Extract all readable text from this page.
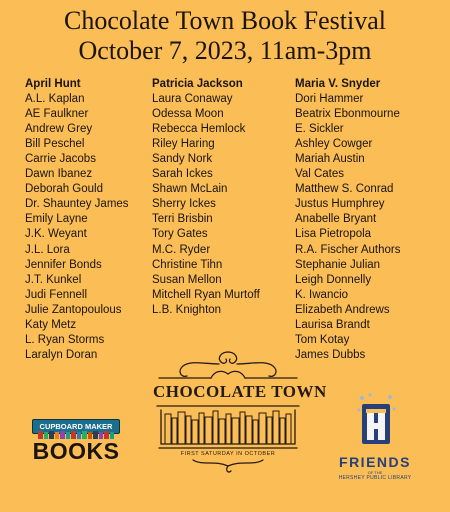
Chocolate Town Book Festival
October 7, 2023, 11am-3pm
April Hunt
A.L. Kaplan
AE Faulkner
Andrew Grey
Bill Peschel
Carrie Jacobs
Dawn Ibanez
Deborah Gould
Dr. Shauntey James
Emily Layne
J.K. Weyant
J.L. Lora
Jennifer Bonds
J.T. Kunkel
Judi Fennell
Julie Zantopoulous
Katy Metz
L. Ryan Storms
Laralyn Doran
Patricia Jackson
Laura Conaway
Odessa Moon
Rebecca Hemlock
Riley Haring
Sandy Nork
Sarah Ickes
Shawn McLain
Sherry Ickes
Terri Brisbin
Tory Gates
M.C. Ryder
Christine Tihn
Susan Mellon
Mitchell Ryan Murtoff
L.B. Knighton
Maria V. Snyder
Dori Hammer
Beatrix Ebonmourne
E. Sickler
Ashley Cowger
Mariah Austin
Val Cates
Matthew S. Conrad
Justus Humphrey
Anabelle Bryant
Lisa Pietropola
R.A. Fischer Authors
Stephanie Julian
Leigh Donnelly
K. Iwancio
Elizabeth Andrews
Laurisa Brandt
Tom Kotay
James Dubbs
CUPBOARD MAKER
BOOKS
CHOCOLATE TOWN
FIRST SATURDAY IN OCTOBER	FRIENDS
OF THE
HERSHEY PUBLIC LIBRARY
